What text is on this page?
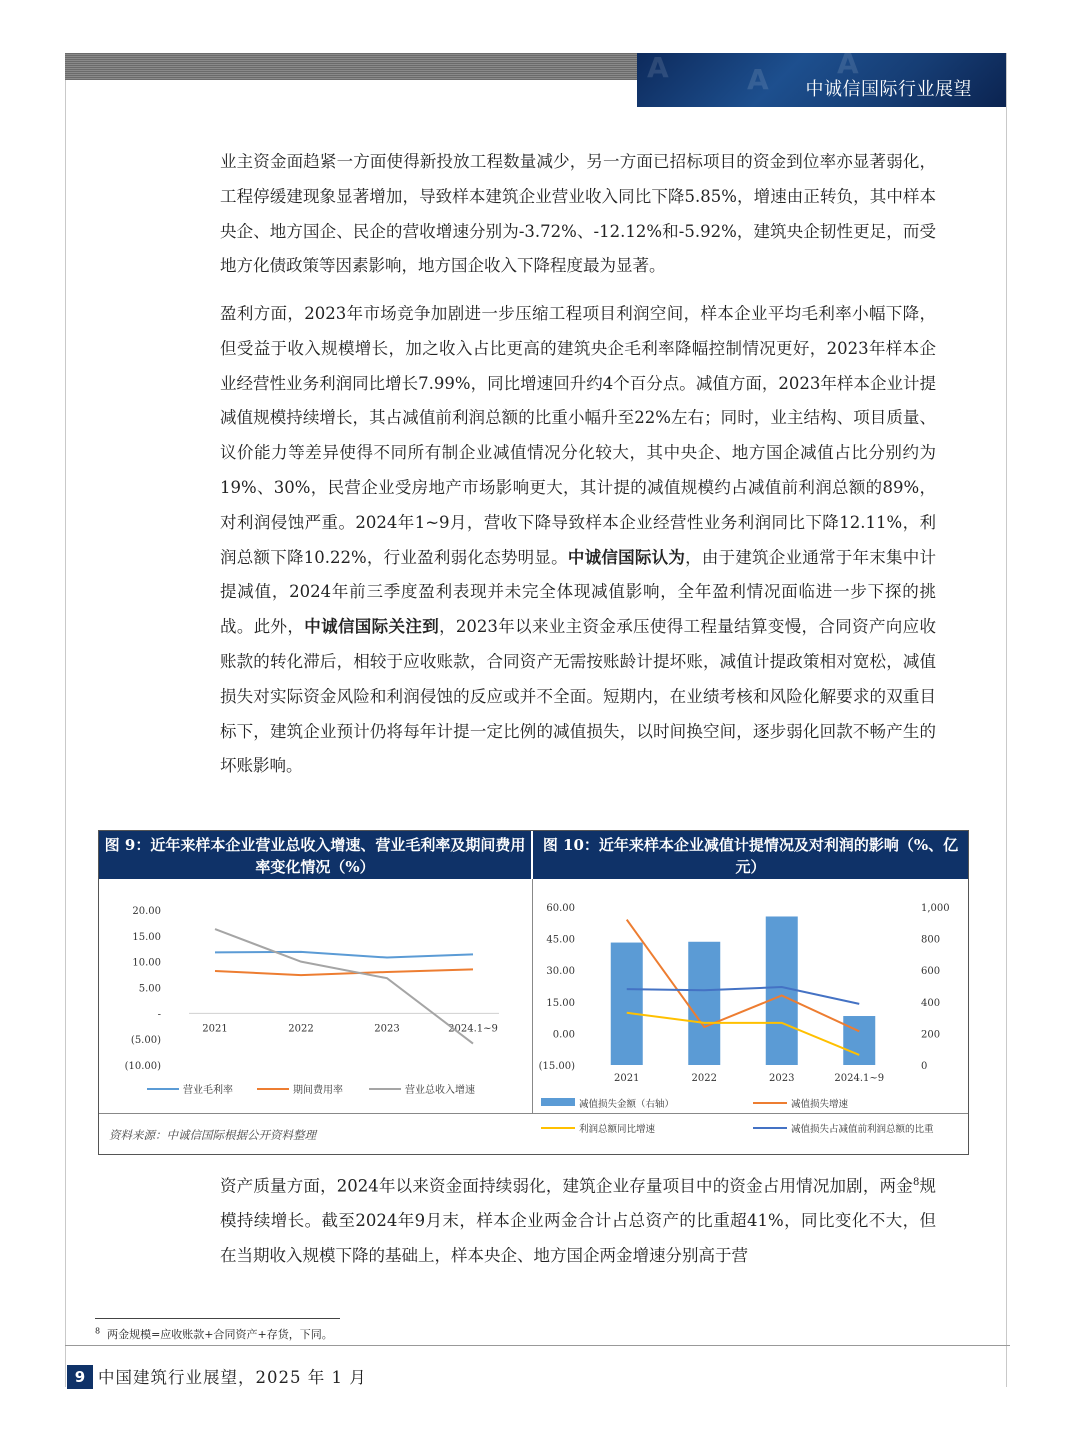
A	A A
中诚信国际行业展望

业主资金面趋紧一方面使得新投放工程数量减少，另一方面已招标项目的资金到位率亦显著弱化，工程停缓建现象显著增加，导致样本建筑企业营业收入同比下降5.85%，增速由正转负，其中样本央企、地方国企、民企的营收增速分别为-3.72%、-12.12%和-5.92%，建筑央企韧性更足，而受地方化债政策等因素影响，地方国企收入下降程度最为显著。

盈利方面，2023年市场竞争加剧进一步压缩工程项目利润空间，样本企业平均毛利率小幅下降，但受益于收入规模增长，加之收入占比更高的建筑央企毛利率降幅控制情况更好，2023年样本企业经营性业务利润同比增长7.99%，同比增速回升约4个百分点。减值方面，2023年样本企业计提减值规模持续增长，其占减值前利润总额的比重小幅升至22%左右；同时，业主结构、项目质量、议价能力等差异使得不同所有制企业减值情况分化较大，其中央企、地方国企减值占比分别约为19%、30%，民营企业受房地产市场影响更大，其计提的减值规模约占减值前利润总额的89%，对利润侵蚀严重。2024年1~9月，营收下降导致样本企业经营性业务利润同比下降12.11%，利润总额下降10.22%，行业盈利弱化态势明显。中诚信国际认为，由于建筑企业通常于年末集中计提减值，2024年前三季度盈利表现并未完全体现减值影响，全年盈利情况面临进一步下探的挑战。此外，中诚信国际关注到，2023年以来业主资金承压使得工程量结算变慢，合同资产向应收账款的转化滞后，相较于应收账款，合同资产无需按账龄计提坏账，减值计提政策相对宽松，减值损失对实际资金风险和利润侵蚀的反应或并不全面。短期内，在业绩考核和风险化解要求的双重目标下，建筑企业预计仍将每年计提一定比例的减值损失，以时间换空间，逐步弱化回款不畅产生的坏账影响。

图 9：近年来样本企业营业总收入增速、营业毛利率及期间费用率变化情况（%）
图 10：近年来样本企业减值计提情况及对利润的影响（%、亿元）
20.00
15.00
10.00
5.00
-
(5.00)
(10.00)
2021	2022	2023	2024.1~9
营业毛利率	期间费用率	营业总收入增速
60.00
45.00
30.00
15.00
0.00
(15.00)
1,000
800
600
400
200
0
2021	2022	2023	2024.1~9
减值损失金额（右轴）	减值损失增速
利润总额同比增速	减值损失占减值前利润总额的比重
资料来源：中诚信国际根据公开资料整理

资产质量方面，2024年以来资金面持续弱化，建筑企业存量项目中的资金占用情况加剧，两金$^8$规模持续增长。截至2024年9月末，样本企业两金合计占总资产的比重超41%，同比变化不大，但在当期收入规模下降的基础上，样本央企、地方国企两金增速分别高于营

$^8$ 两金规模=应收账款+合同资产+存货，下同。
9 中国建筑行业展望，2025 年 1 月
